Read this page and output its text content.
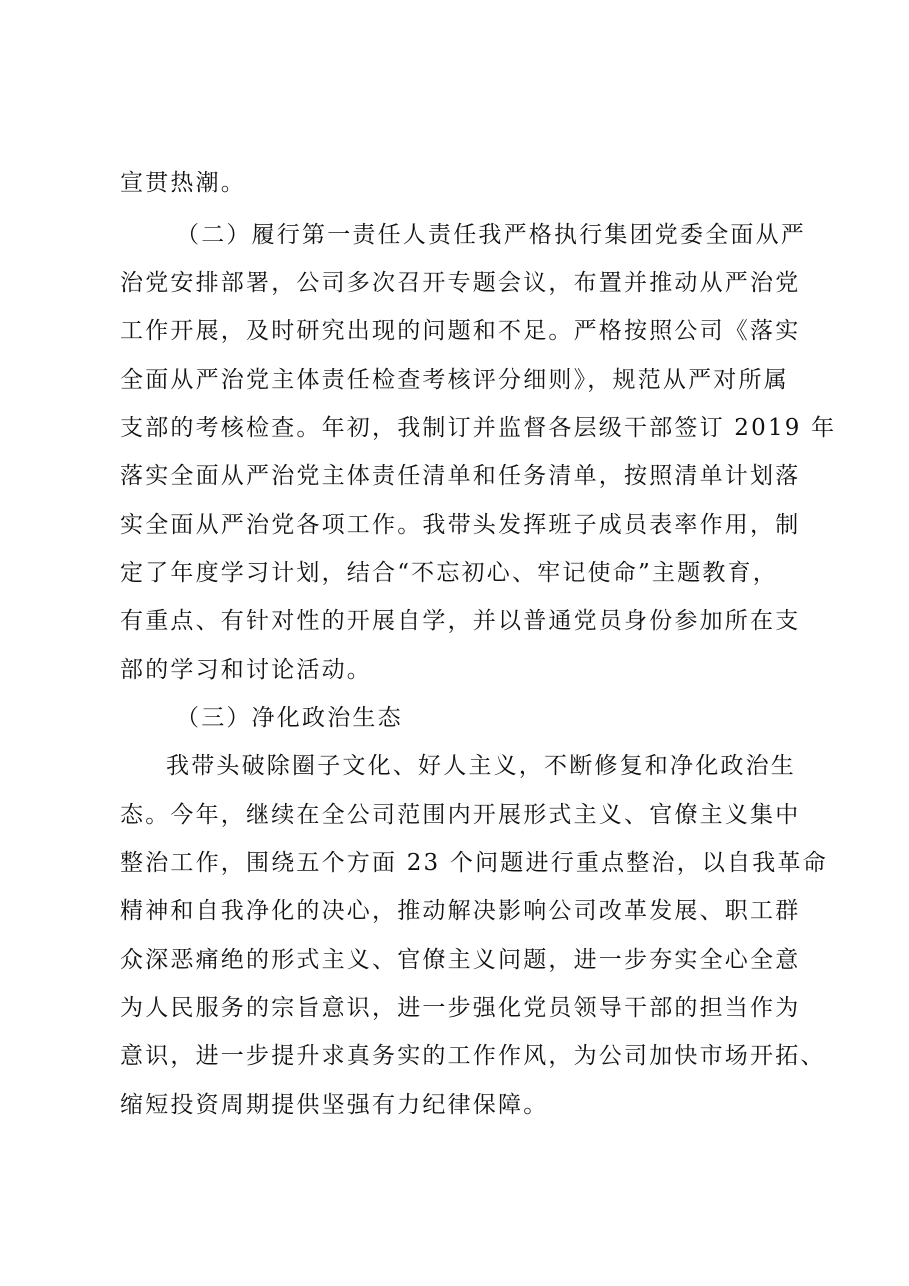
宣贯热潮。

（二）履行第一责任人责任我严格执行集团党委全面从严

治党安排部署，公司多次召开专题会议，布置并推动从严治党

工作开展，及时研究出现的问题和不足。严格按照公司《落实

全面从严治党主体责任检查考核评分细则》，规范从严对所属

支部的考核检查。年初，我制订并监督各层级干部签订 2019 年

落实全面从严治党主体责任清单和任务清单，按照清单计划落

实全面从严治党各项工作。我带头发挥班子成员表率作用，制

定了年度学习计划，结合“不忘初心、牢记使命”主题教育，

有重点、有针对性的开展自学，并以普通党员身份参加所在支

部的学习和讨论活动。

（三）净化政治生态

我带头破除圈子文化、好人主义，不断修复和净化政治生

态。今年，继续在全公司范围内开展形式主义、官僚主义集中

整治工作，围绕五个方面 23 个问题进行重点整治，以自我革命

精神和自我净化的决心，推动解决影响公司改革发展、职工群

众深恶痛绝的形式主义、官僚主义问题，进一步夯实全心全意

为人民服务的宗旨意识，进一步强化党员领导干部的担当作为

意识，进一步提升求真务实的工作作风，为公司加快市场开拓、

缩短投资周期提供坚强有力纪律保障。
